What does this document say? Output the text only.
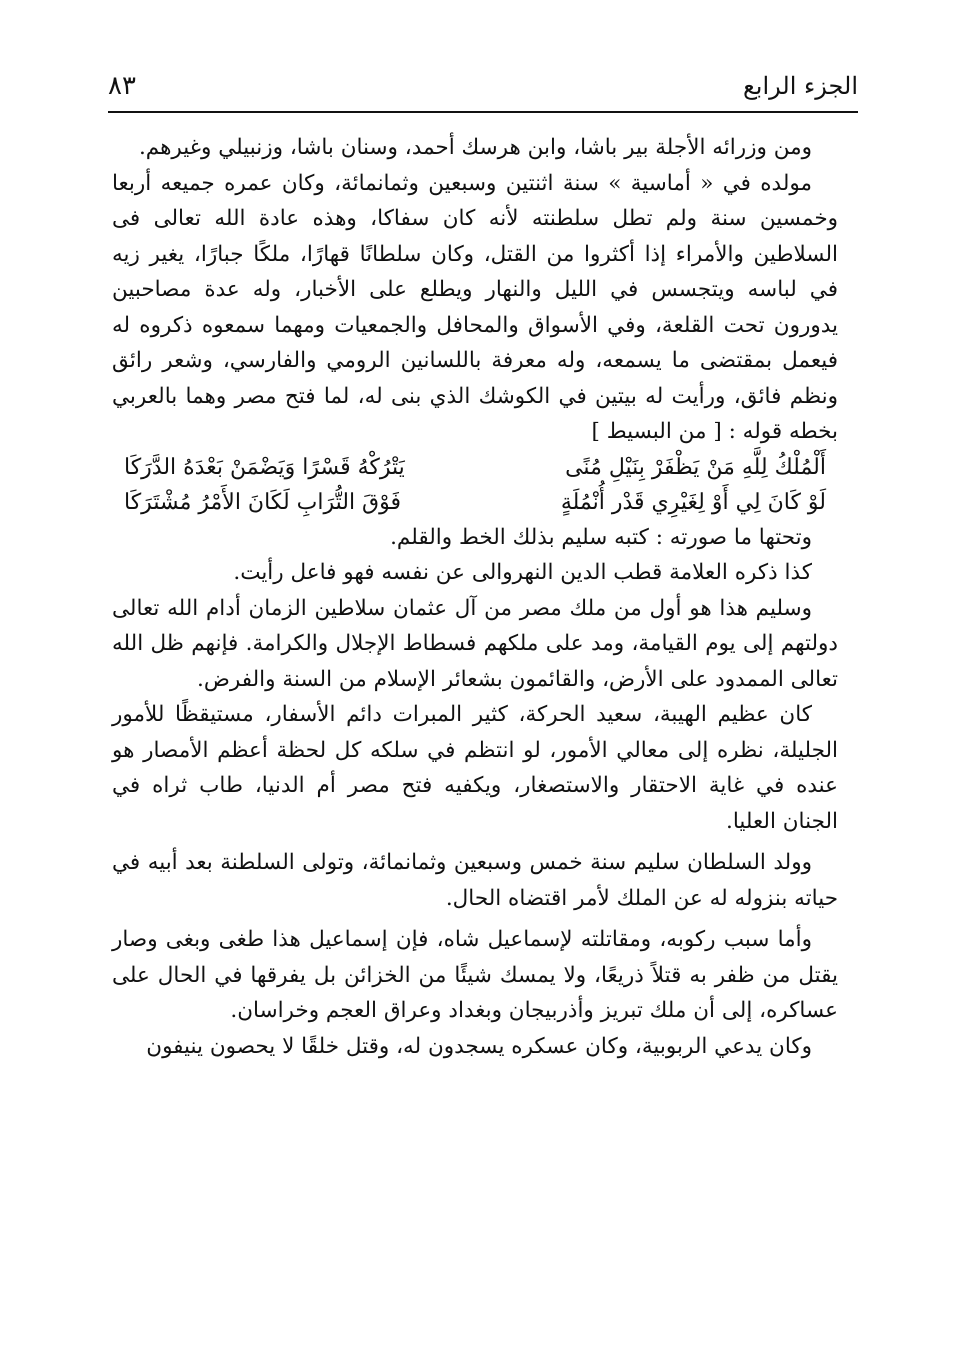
الجزء الرابع
٨٣

ومن وزرائه الأجلة بير باشا، وابن هرسك أحمد، وسنان باشا، وزنبيلي وغيرهم.

مولده في « أماسية » سنة اثنتين وسبعين وثمانمائة، وكان عمره جميعه أربعا وخمسين سنة ولم تطل سلطنته لأنه كان سفاكا، وهذه عادة الله تعالى فى السلاطين والأمراء إذا أكثروا من القتل، وكان سلطانًا قهارًا، ملكًا جبارًا، يغير زيه في لباسه ويتجسس في الليل والنهار ويطلع على الأخبار، وله عدة مصاحبين يدورون تحت القلعة، وفي الأسواق والمحافل والجمعيات ومهما سمعوه ذكروه له فيعمل بمقتضى ما يسمعه، وله معرفة باللسانين الرومي والفارسي، وشعر رائق ونظم فائق، ورأيت له بيتين في الكوشك الذي بنى له، لما فتح مصر وهما بالعربي بخطه قوله : [ من البسيط ]

أَلْمُلْكُ لِلَّهِ مَنْ يَظْفَرْ بِنَيْلِ مُنًى
يَتْرُكْهُ قَسْرًا وَيَضْمَنْ بَعْدَهُ الدَّرَكَا
لَوْ كَانَ لِي أَوْ لِغَيْرِي قَدْر أُنْمُلَةٍ
فَوْقَ التُّرَابِ لَكَانَ الأَمْرُ مُشْتَرَكَا

وتحتها ما صورته : كتبه سليم بذلك الخط والقلم.

كذا ذكره العلامة قطب الدين النهروالى عن نفسه فهو فاعل رأيت.

وسليم هذا هو أول من ملك مصر من آل عثمان سلاطين الزمان أدام الله تعالى دولتهم إلى يوم القيامة، ومد على ملكهم فسطاط الإجلال والكرامة. فإنهم ظل الله تعالى الممدود على الأرض، والقائمون بشعائر الإسلام من السنة والفرض.

كان عظيم الهيبة، سعيد الحركة، كثير المبرات دائم الأسفار، مستيقظًا للأمور الجليلة، نظره إلى معالي الأمور، لو انتظم في سلكه كل لحظة أعظم الأمصار هو عنده في غاية الاحتقار والاستصغار، ويكفيه فتح مصر أم الدنيا، طاب ثراه في الجنان العليا.

وولد السلطان سليم سنة خمس وسبعين وثمانمائة، وتولى السلطنة بعد أبيه في حياته بنزوله له عن الملك لأمر اقتضاه الحال.

وأما سبب ركوبه، ومقاتلته لإسماعيل شاه، فإن إسماعيل هذا طغى وبغى وصار يقتل من ظفر به قتلاً ذريعًا، ولا يمسك شيئًا من الخزائن بل يفرقها في الحال على عساكره، إلى أن ملك تبريز وأذربيجان وبغداد وعراق العجم وخراسان.

وكان يدعي الربوبية، وكان عسكره يسجدون له، وقتل خلقًا لا يحصون ينيفون
